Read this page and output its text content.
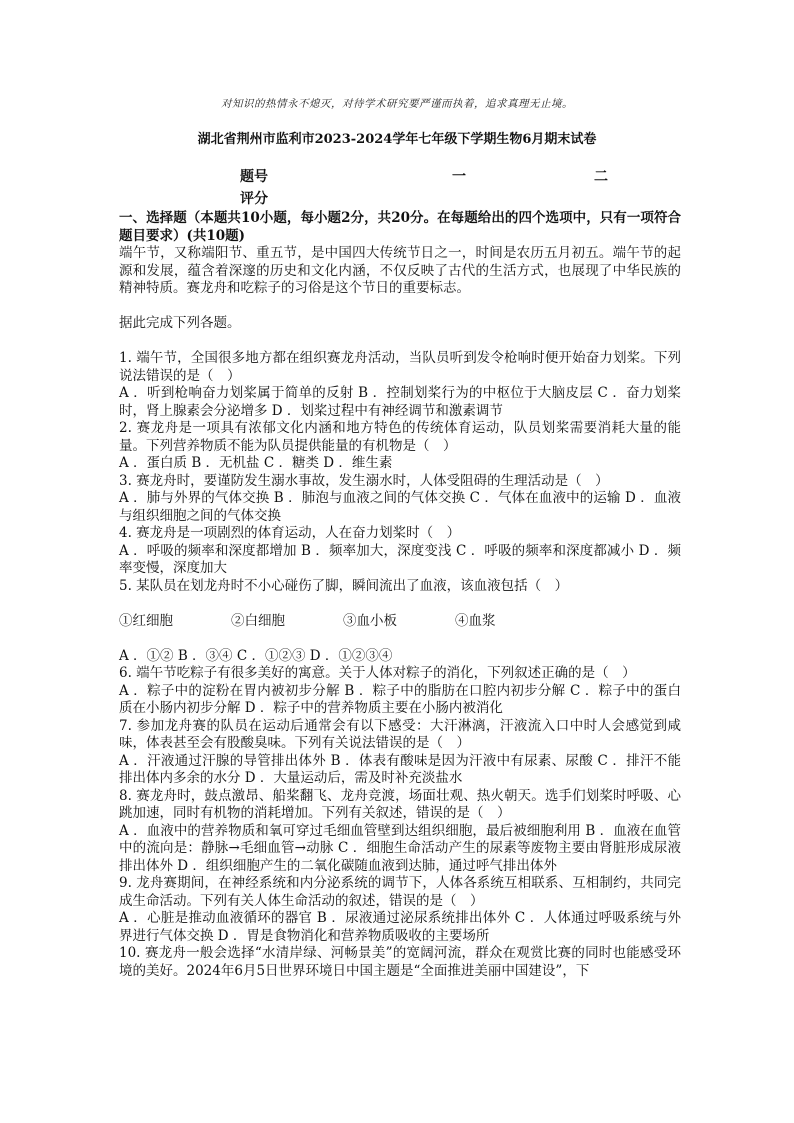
对知识的热情永不熄灭，对待学术研究要严谨而执着，追求真理无止境。
湖北省荆州市监利市2023-2024学年七年级下学期生物6月期末试卷
题号	一	二
评分

一、选择题（本题共10小题，每小题2分，共20分。在每题给出的四个选项中，只有一项符合题目要求）(共10题)

端午节，又称端阳节、重五节，是中国四大传统节日之一，时间是农历五月初五。端午节的起源和发展，蕴含着深邃的历史和文化内涵，不仅反映了古代的生活方式，也展现了中华民族的精神特质。赛龙舟和吃粽子的习俗是这个节日的重要标志。

据此完成下列各题。

1. 端午节，全国很多地方都在组织赛龙舟活动，当队员听到发令枪响时便开始奋力划桨。下列说法错误的是（　）

A ．听到枪响奋力划桨属于简单的反射 B ．控制划桨行为的中枢位于大脑皮层 C ．奋力划桨时，肾上腺素会分泌增多 D ．划桨过程中有神经调节和激素调节

2. 赛龙舟是一项具有浓郁文化内涵和地方特色的传统体育运动，队员划桨需要消耗大量的能量。下列营养物质不能为队员提供能量的有机物是（　）

A ．蛋白质 B ．无机盐 C ．糖类 D ．维生素

3. 赛龙舟时，要谨防发生溺水事故，发生溺水时，人体受阻碍的生理活动是（　）

A ．肺与外界的气体交换 B ．肺泡与血液之间的气体交换 C ．气体在血液中的运输 D ．血液与组织细胞之间的气体交换

4. 赛龙舟是一项剧烈的体育运动，人在奋力划桨时（　）

A ．呼吸的频率和深度都增加 B ．频率加大，深度变浅 C ．呼吸的频率和深度都减小 D ．频率变慢，深度加大

5. 某队员在划龙舟时不小心碰伤了脚，瞬间流出了血液，该血液包括（　）

①红细胞	②白细胞	③血小板	④血浆

A ．①② B ．③④ C ．①②③ D ．①②③④

6. 端午节吃粽子有很多美好的寓意。关于人体对粽子的消化，下列叙述正确的是（　）

A ．粽子中的淀粉在胃内被初步分解 B ．粽子中的脂肪在口腔内初步分解 C ．粽子中的蛋白质在小肠内初步分解 D ．粽子中的营养物质主要在小肠内被消化

7. 参加龙舟赛的队员在运动后通常会有以下感受：大汗淋漓，汗液流入口中时人会感觉到咸味，体表甚至会有股酸臭味。下列有关说法错误的是（　）

A ．汗液通过汗腺的导管排出体外 B ．体表有酸味是因为汗液中有尿素、尿酸 C ．排汗不能排出体内多余的水分 D ．大量运动后，需及时补充淡盐水

8. 赛龙舟时，鼓点激昂、船桨翻飞、龙舟竞渡，场面壮观、热火朝天。选手们划桨时呼吸、心跳加速，同时有机物的消耗增加。下列有关叙述，错误的是（　）

A ．血液中的营养物质和氧可穿过毛细血管壁到达组织细胞，最后被细胞利用 B ．血液在血管中的流向是：静脉→毛细血管→动脉 C ．细胞生命活动产生的尿素等废物主要由肾脏形成尿液排出体外 D ．组织细胞产生的二氧化碳随血液到达肺，通过呼气排出体外

9. 龙舟赛期间，在神经系统和内分泌系统的调节下，人体各系统互相联系、互相制约，共同完成生命活动。下列有关人体生命活动的叙述，错误的是（　）

A ．心脏是推动血液循环的器官 B ．尿液通过泌尿系统排出体外 C ．人体通过呼吸系统与外界进行气体交换 D ．胃是食物消化和营养物质吸收的主要场所

10. 赛龙舟一般会选择“水清岸绿、河畅景美”的宽阔河流，群众在观赏比赛的同时也能感受环境的美好。2024年6月5日世界环境日中国主题是“全面推进美丽中国建设”，下
